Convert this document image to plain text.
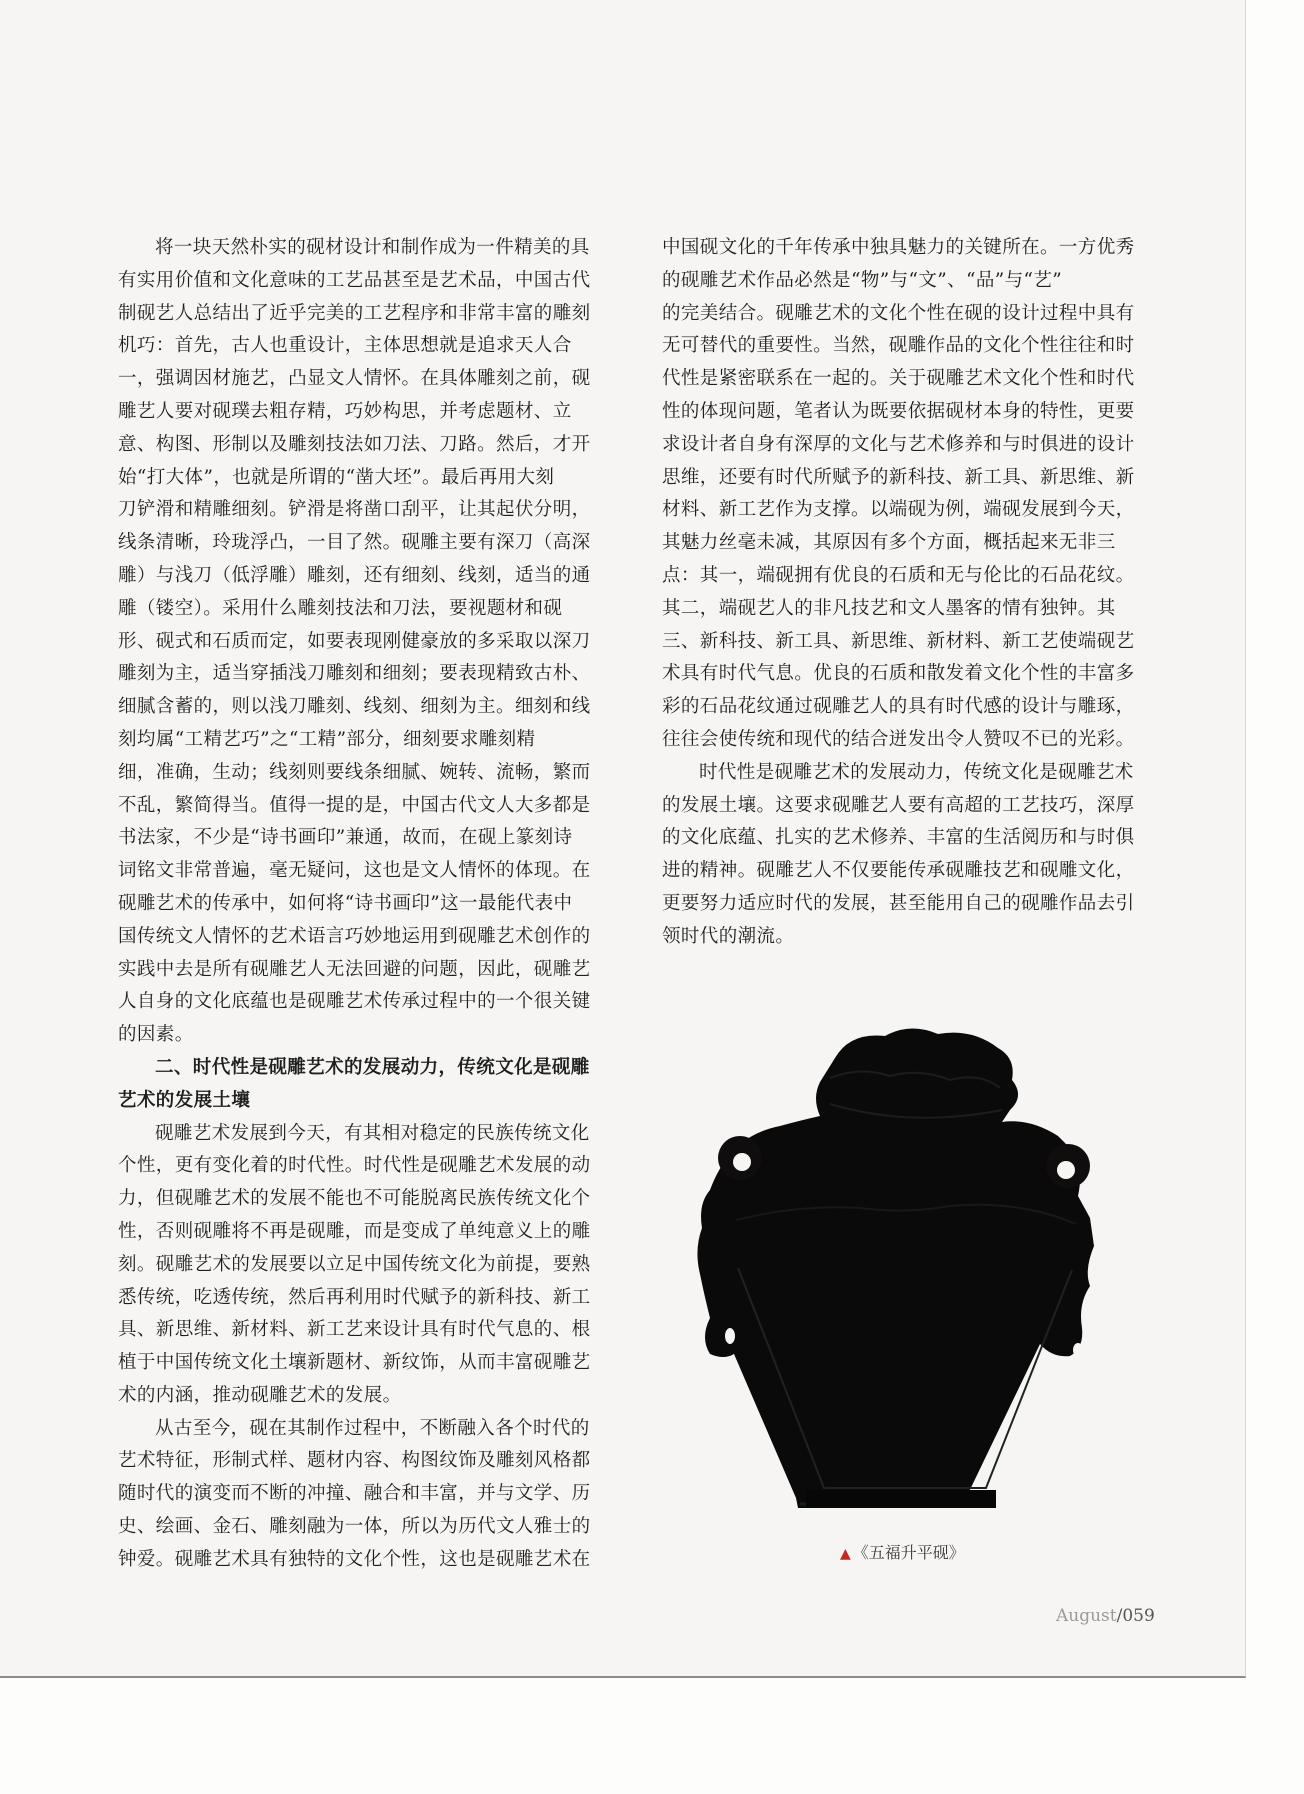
将一块天然朴实的砚材设计和制作成为一件精美的具
有实用价值和文化意味的工艺品甚至是艺术品，中国古代
制砚艺人总结出了近乎完美的工艺程序和非常丰富的雕刻
机巧：首先，古人也重设计，主体思想就是追求天人合
一，强调因材施艺，凸显文人情怀。在具体雕刻之前，砚
雕艺人要对砚璞去粗存精，巧妙构思，并考虑题材、立
意、构图、形制以及雕刻技法如刀法、刀路。然后，才开
始“打大体”，也就是所谓的“凿大坯”。最后再用大刻
刀铲滑和精雕细刻。铲滑是将凿口刮平，让其起伏分明，
线条清晰，玲珑浮凸，一目了然。砚雕主要有深刀（高深
雕）与浅刀（低浮雕）雕刻，还有细刻、线刻，适当的通
雕（镂空）。采用什么雕刻技法和刀法，要视题材和砚
形、砚式和石质而定，如要表现刚健豪放的多采取以深刀
雕刻为主，适当穿插浅刀雕刻和细刻；要表现精致古朴、
细腻含蓄的，则以浅刀雕刻、线刻、细刻为主。细刻和线
刻均属“工精艺巧”之“工精”部分，细刻要求雕刻精
细，准确，生动；线刻则要线条细腻、婉转、流畅，繁而
不乱，繁简得当。值得一提的是，中国古代文人大多都是
书法家，不少是“诗书画印”兼通，故而，在砚上篆刻诗
词铭文非常普遍，毫无疑问，这也是文人情怀的体现。在
砚雕艺术的传承中，如何将“诗书画印”这一最能代表中
国传统文人情怀的艺术语言巧妙地运用到砚雕艺术创作的
实践中去是所有砚雕艺人无法回避的问题，因此，砚雕艺
人自身的文化底蕴也是砚雕艺术传承过程中的一个很关键
的因素。
二、时代性是砚雕艺术的发展动力，传统文化是砚雕
艺术的发展土壤
砚雕艺术发展到今天，有其相对稳定的民族传统文化
个性，更有变化着的时代性。时代性是砚雕艺术发展的动
力，但砚雕艺术的发展不能也不可能脱离民族传统文化个
性，否则砚雕将不再是砚雕，而是变成了单纯意义上的雕
刻。砚雕艺术的发展要以立足中国传统文化为前提，要熟
悉传统，吃透传统，然后再利用时代赋予的新科技、新工
具、新思维、新材料、新工艺来设计具有时代气息的、根
植于中国传统文化土壤新题材、新纹饰，从而丰富砚雕艺
术的内涵，推动砚雕艺术的发展。
从古至今，砚在其制作过程中，不断融入各个时代的
艺术特征，形制式样、题材内容、构图纹饰及雕刻风格都
随时代的演变而不断的冲撞、融合和丰富，并与文学、历
史、绘画、金石、雕刻融为一体，所以为历代文人雅士的
钟爱。砚雕艺术具有独特的文化个性，这也是砚雕艺术在
中国砚文化的千年传承中独具魅力的关键所在。一方优秀
的砚雕艺术作品必然是“物”与“文”、“品”与“艺”
的完美结合。砚雕艺术的文化个性在砚的设计过程中具有
无可替代的重要性。当然，砚雕作品的文化个性往往和时
代性是紧密联系在一起的。关于砚雕艺术文化个性和时代
性的体现问题，笔者认为既要依据砚材本身的特性，更要
求设计者自身有深厚的文化与艺术修养和与时俱进的设计
思维，还要有时代所赋予的新科技、新工具、新思维、新
材料、新工艺作为支撑。以端砚为例，端砚发展到今天，
其魅力丝毫未减，其原因有多个方面，概括起来无非三
点：其一，端砚拥有优良的石质和无与伦比的石品花纹。
其二，端砚艺人的非凡技艺和文人墨客的情有独钟。其
三、新科技、新工具、新思维、新材料、新工艺使端砚艺
术具有时代气息。优良的石质和散发着文化个性的丰富多
彩的石品花纹通过砚雕艺人的具有时代感的设计与雕琢，
往往会使传统和现代的结合迸发出令人赞叹不已的光彩。
时代性是砚雕艺术的发展动力，传统文化是砚雕艺术
的发展土壤。这要求砚雕艺人要有高超的工艺技巧，深厚
的文化底蕴、扎实的艺术修养、丰富的生活阅历和与时俱
进的精神。砚雕艺人不仅要能传承砚雕技艺和砚雕文化，
更要努力适应时代的发展，甚至能用自己的砚雕作品去引
领时代的潮流。
▲ 《五福升平砚》
August/059
